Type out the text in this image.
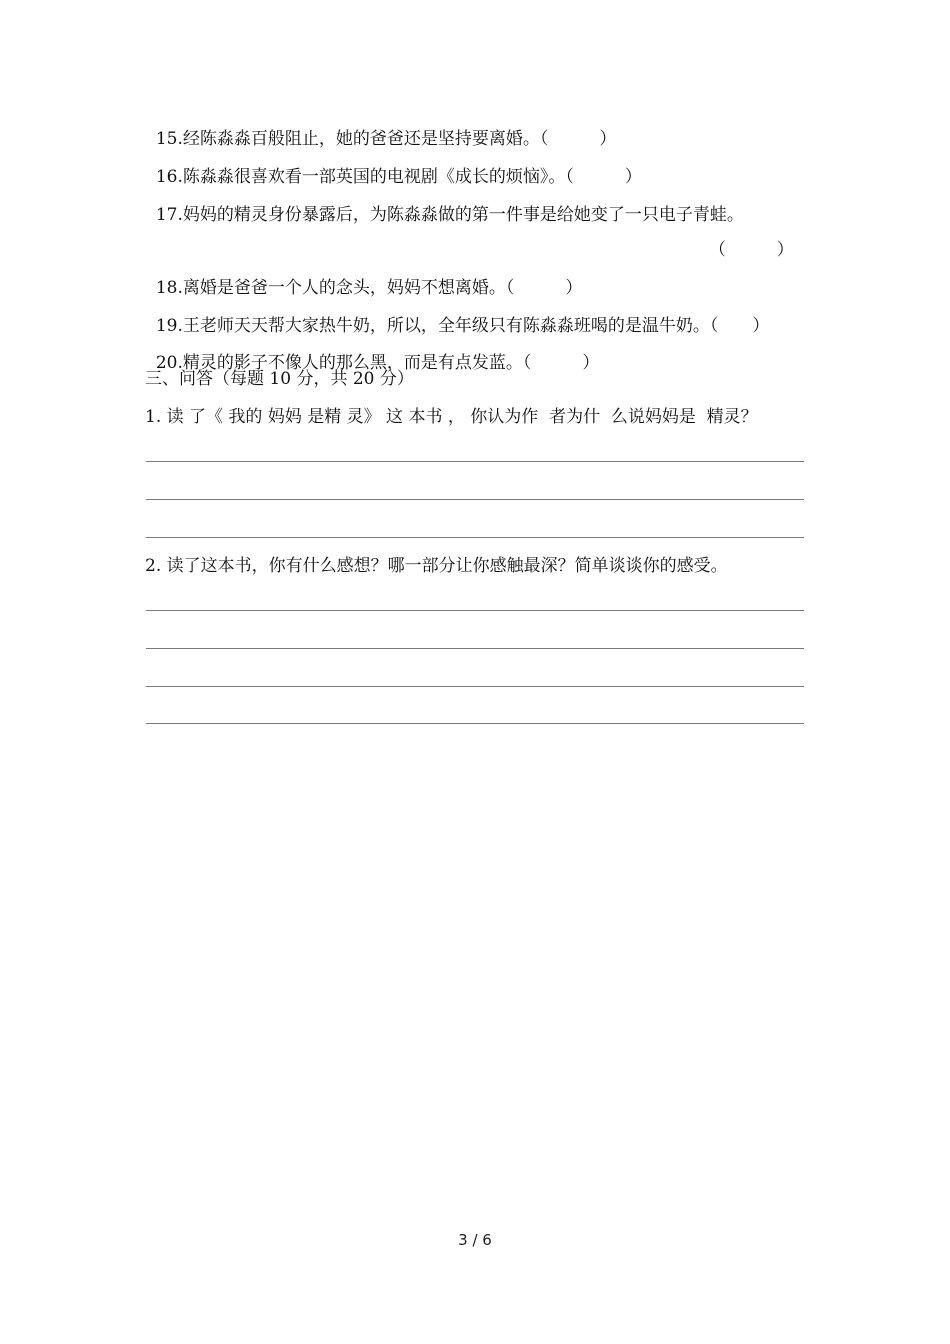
15.经陈淼淼百般阻止，她的爸爸还是坚持要离婚。（　　　）

16.陈淼淼很喜欢看一部英国的电视剧《成长的烦恼》。（　　　）

17.妈妈的精灵身份暴露后，为陈淼淼做的第一件事是给她变了一只电子青蛙。

（　　　）

18.离婚是爸爸一个人的念头，妈妈不想离婚。（　　　）

19.王老师天天帮大家热牛奶，所以，全年级只有陈淼淼班喝的是温牛奶。（　　）

20.精灵的影子不像人的那么黑，而是有点发蓝。（　　　）

三、问答（每题 10 分，共 20 分）
1. 读 了《 我的 妈妈 是精 灵》 这 本书 ， 你认为作  者为什  么说妈妈是  精灵？
2. 读了这本书，你有什么感想？哪一部分让你感触最深？简单谈谈你的感受。
3 / 6
